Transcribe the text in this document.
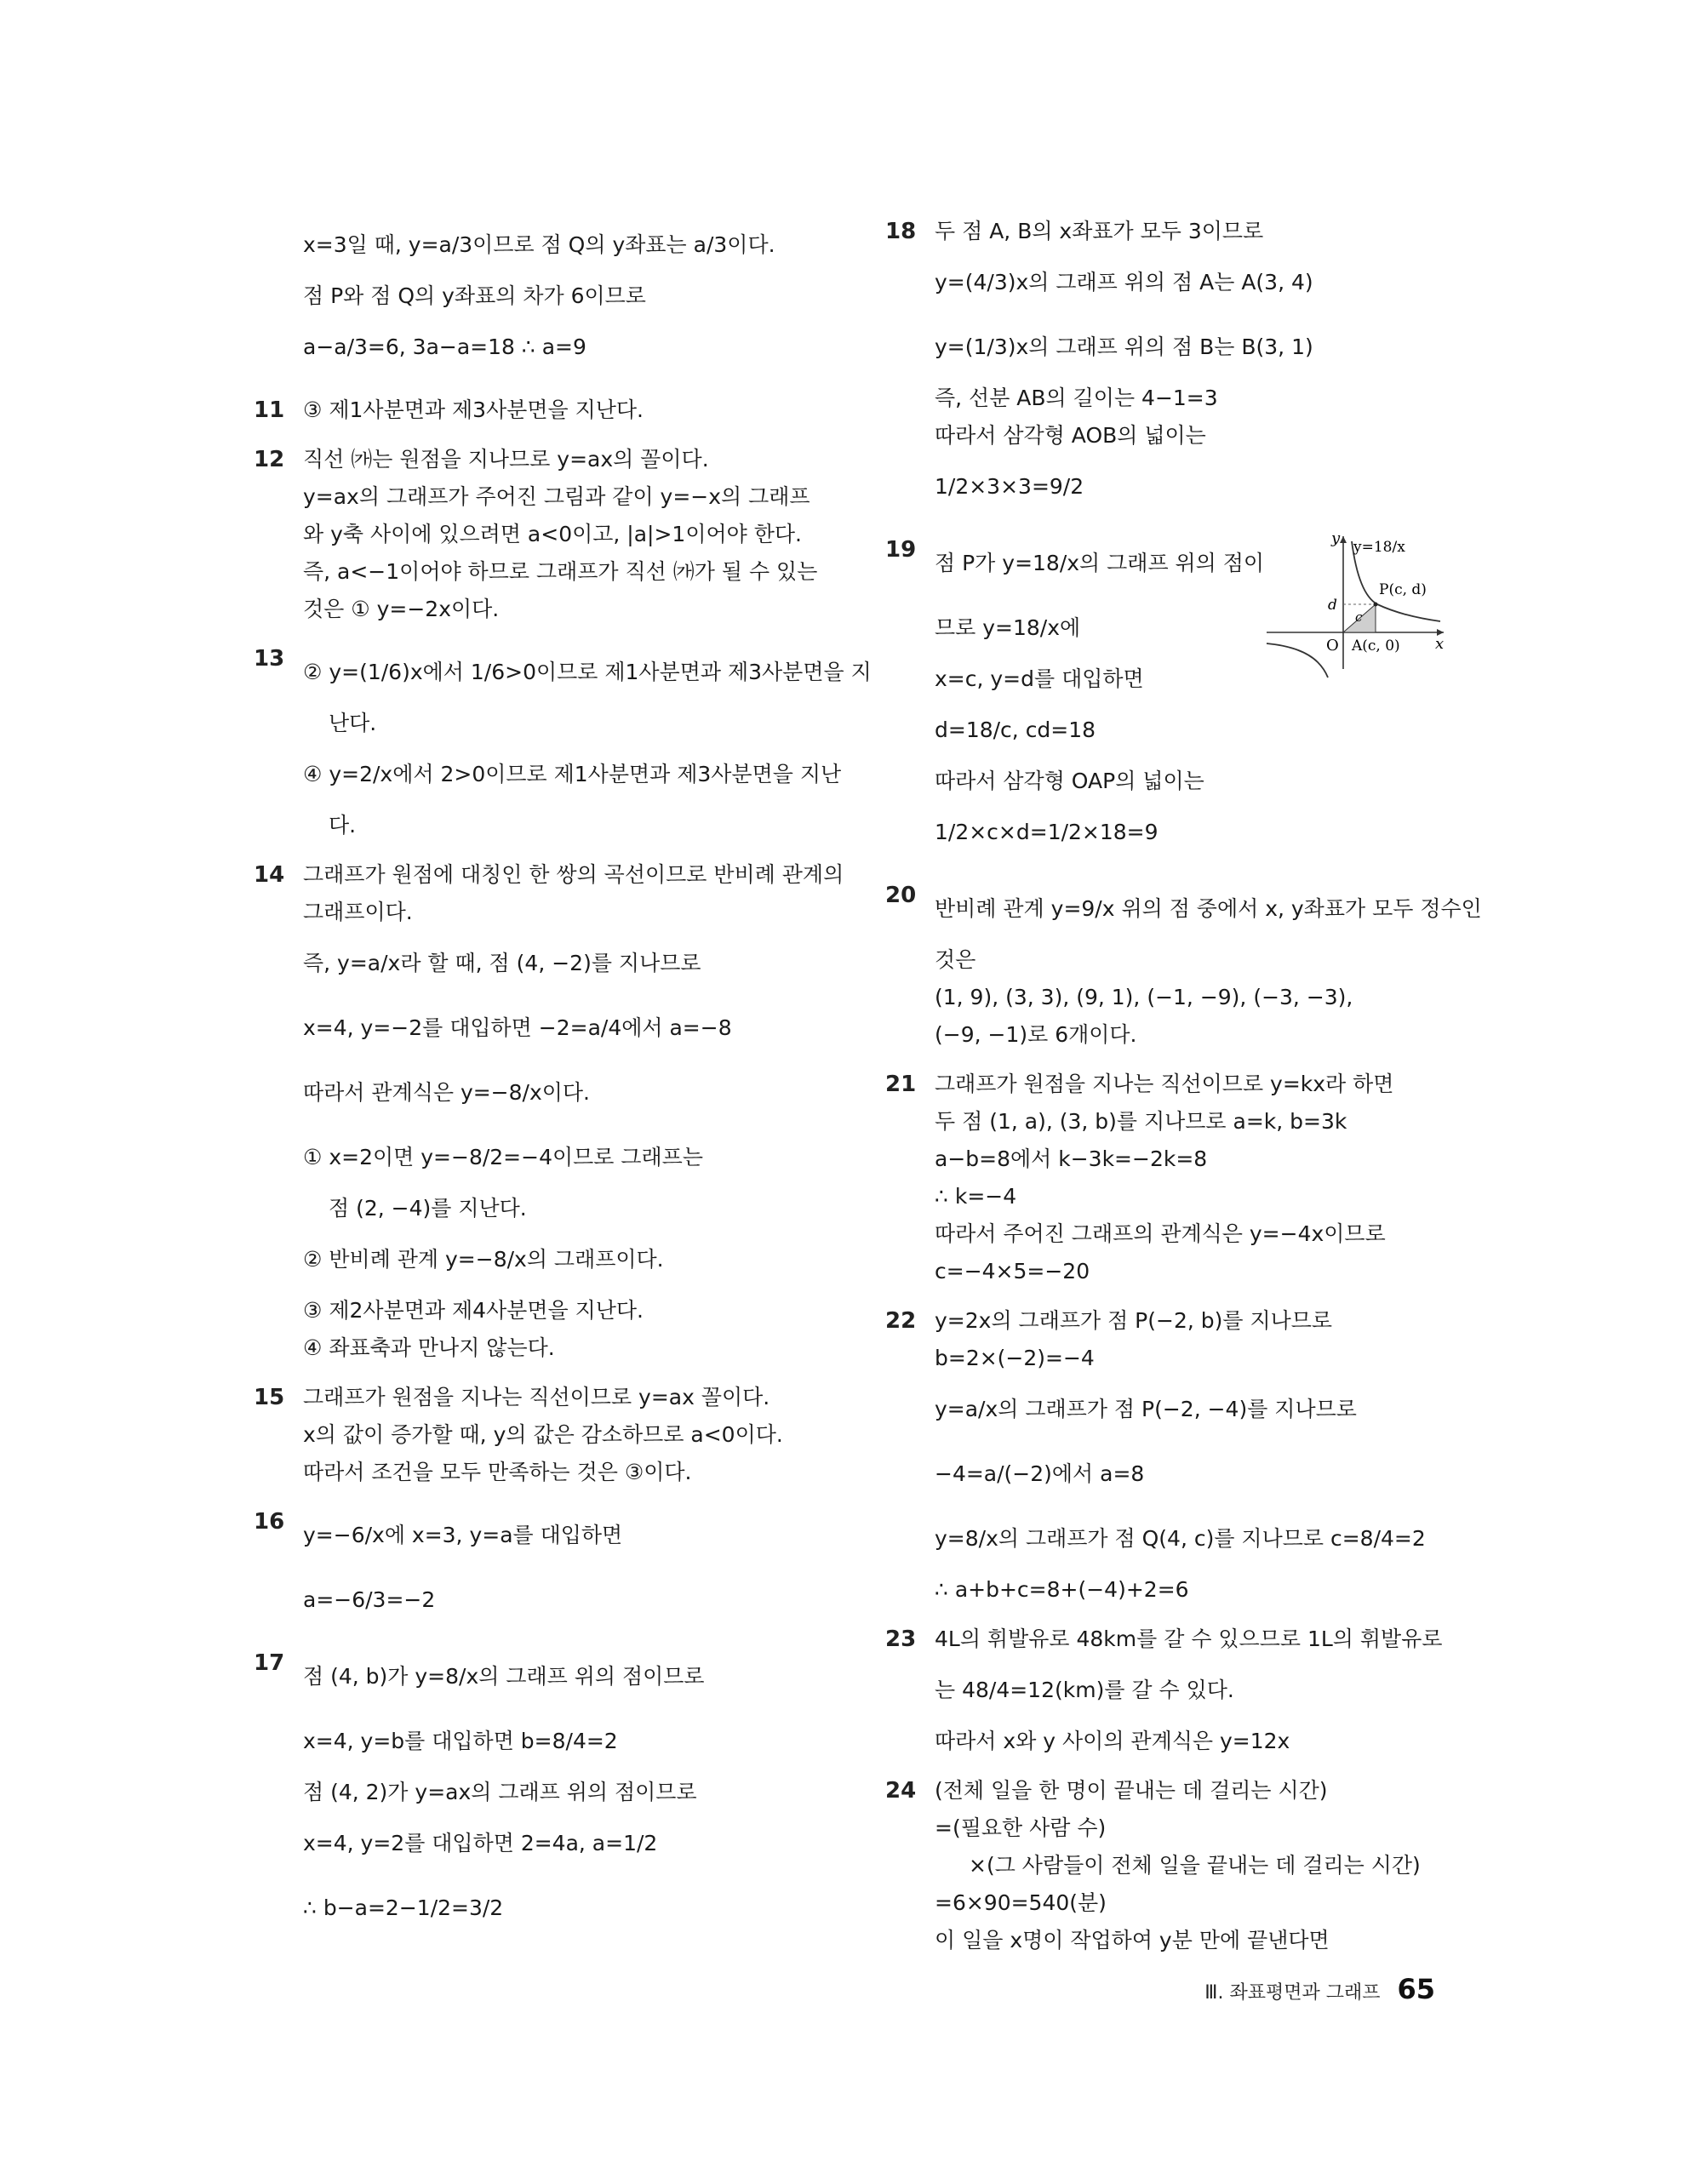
x=3일 때, y=a/3이므로 점 Q의 y좌표는 a/3이다.
점 P와 점 Q의 y좌표의 차가 6이므로
a−a/3=6, 3a−a=18 ∴ a=9
11 ③ 제1사분면과 제3사분면을 지난다.
12 직선 ㈎는 원점을 지나므로 y=ax의 꼴이다.
y=ax의 그래프가 주어진 그림과 같이 y=−x의 그래프
와 y축 사이에 있으려면 a<0이고, |a|>1이어야 한다.
즉, a<−1이어야 하므로 그래프가 직선 ㈎가 될 수 있는
것은 ① y=−2x이다.
13
② y=(1/6)x에서 1/6>0이므로 제1사분면과 제3사분면을 지
난다.
④ y=2/x에서 2>0이므로 제1사분면과 제3사분면을 지난
다.
14 그래프가 원점에 대칭인 한 쌍의 곡선이므로 반비례 관계의
그래프이다.
즉, y=a/x라 할 때, 점 (4, −2)를 지나므로
x=4, y=−2를 대입하면 −2=a/4에서 a=−8
따라서 관계식은 y=−8/x이다.
① x=2이면 y=−8/2=−4이므로 그래프는
점 (2, −4)를 지난다.
② 반비례 관계 y=−8/x의 그래프이다.
③ 제2사분면과 제4사분면을 지난다.
④ 좌표축과 만나지 않는다.
15 그래프가 원점을 지나는 직선이므로 y=ax 꼴이다.
x의 값이 증가할 때, y의 값은 감소하므로 a<0이다.
따라서 조건을 모두 만족하는 것은 ③이다.
16
y=−6/x에 x=3, y=a를 대입하면
a=−6/3=−2
17
점 (4, b)가 y=8/x의 그래프 위의 점이므로
x=4, y=b를 대입하면 b=8/4=2
점 (4, 2)가 y=ax의 그래프 위의 점이므로
x=4, y=2를 대입하면 2=4a, a=1/2
∴ b−a=2−1/2=3/2
18 두 점 A, B의 x좌표가 모두 3이므로
y=(4/3)x의 그래프 위의 점 A는 A(3, 4)
y=(1/3)x의 그래프 위의 점 B는 B(3, 1)
즉, 선분 AB의 길이는 4−1=3
따라서 삼각형 AOB의 넓이는
1/2×3×3=9/2
19
점 P가 y=18/x의 그래프 위의 점이
므로 y=18/x에
x=c, y=d를 대입하면
d=18/c, cd=18
따라서 삼각형 OAP의 넓이는
1/2×c×d=1/2×18=9
20
반비례 관계 y=9/x 위의 점 중에서 x, y좌표가 모두 정수인
것은
(1, 9), (3, 3), (9, 1), (−1, −9), (−3, −3),
(−9, −1)로 6개이다.
21 그래프가 원점을 지나는 직선이므로 y=kx라 하면
두 점 (1, a), (3, b)를 지나므로 a=k, b=3k
a−b=8에서 k−3k=−2k=8
∴ k=−4
따라서 주어진 그래프의 관계식은 y=−4x이므로
c=−4×5=−20
22 y=2x의 그래프가 점 P(−2, b)를 지나므로
b=2×(−2)=−4
y=a/x의 그래프가 점 P(−2, −4)를 지나므로
−4=a/(−2)에서 a=8
y=8/x의 그래프가 점 Q(4, c)를 지나므로 c=8/4=2
∴ a+b+c=8+(−4)+2=6
23 4L의 휘발유로 48km를 갈 수 있으므로 1L의 휘발유로
는 48/4=12(km)를 갈 수 있다.
따라서 x와 y 사이의 관계식은 y=12x
24 (전체 일을 한 명이 끝내는 데 걸리는 시간)
=(필요한 사람 수)
×(그 사람들이 전체 일을 끝내는 데 걸리는 시간)
=6×90=540(분)
이 일을 x명이 작업하여 y분 만에 끝낸다면
y
x
O
y=18/x
P(c, d)
A(c, 0)
d
c
Ⅲ. 좌표평면과 그래프 65
